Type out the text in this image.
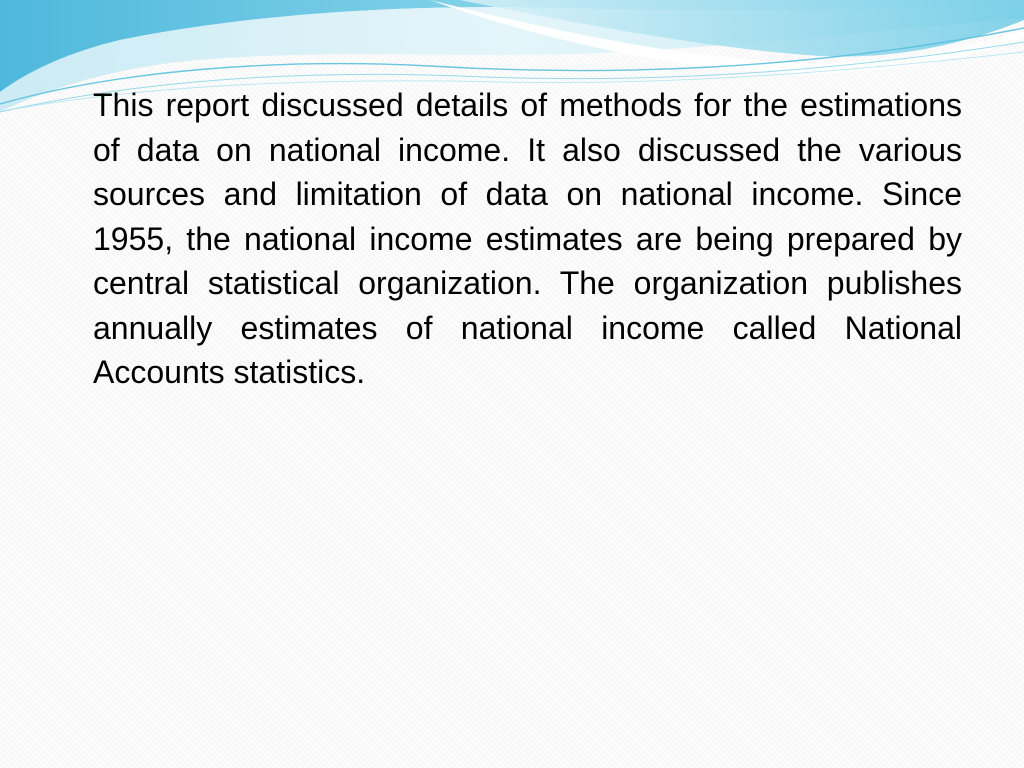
This report discussed details of methods for the estimations of data on national income. It also discussed the various sources and limitation of data on national income. Since 1955, the national income estimates are being prepared by central statistical organization. The organization publishes annually estimates of national income called National Accounts statistics.
